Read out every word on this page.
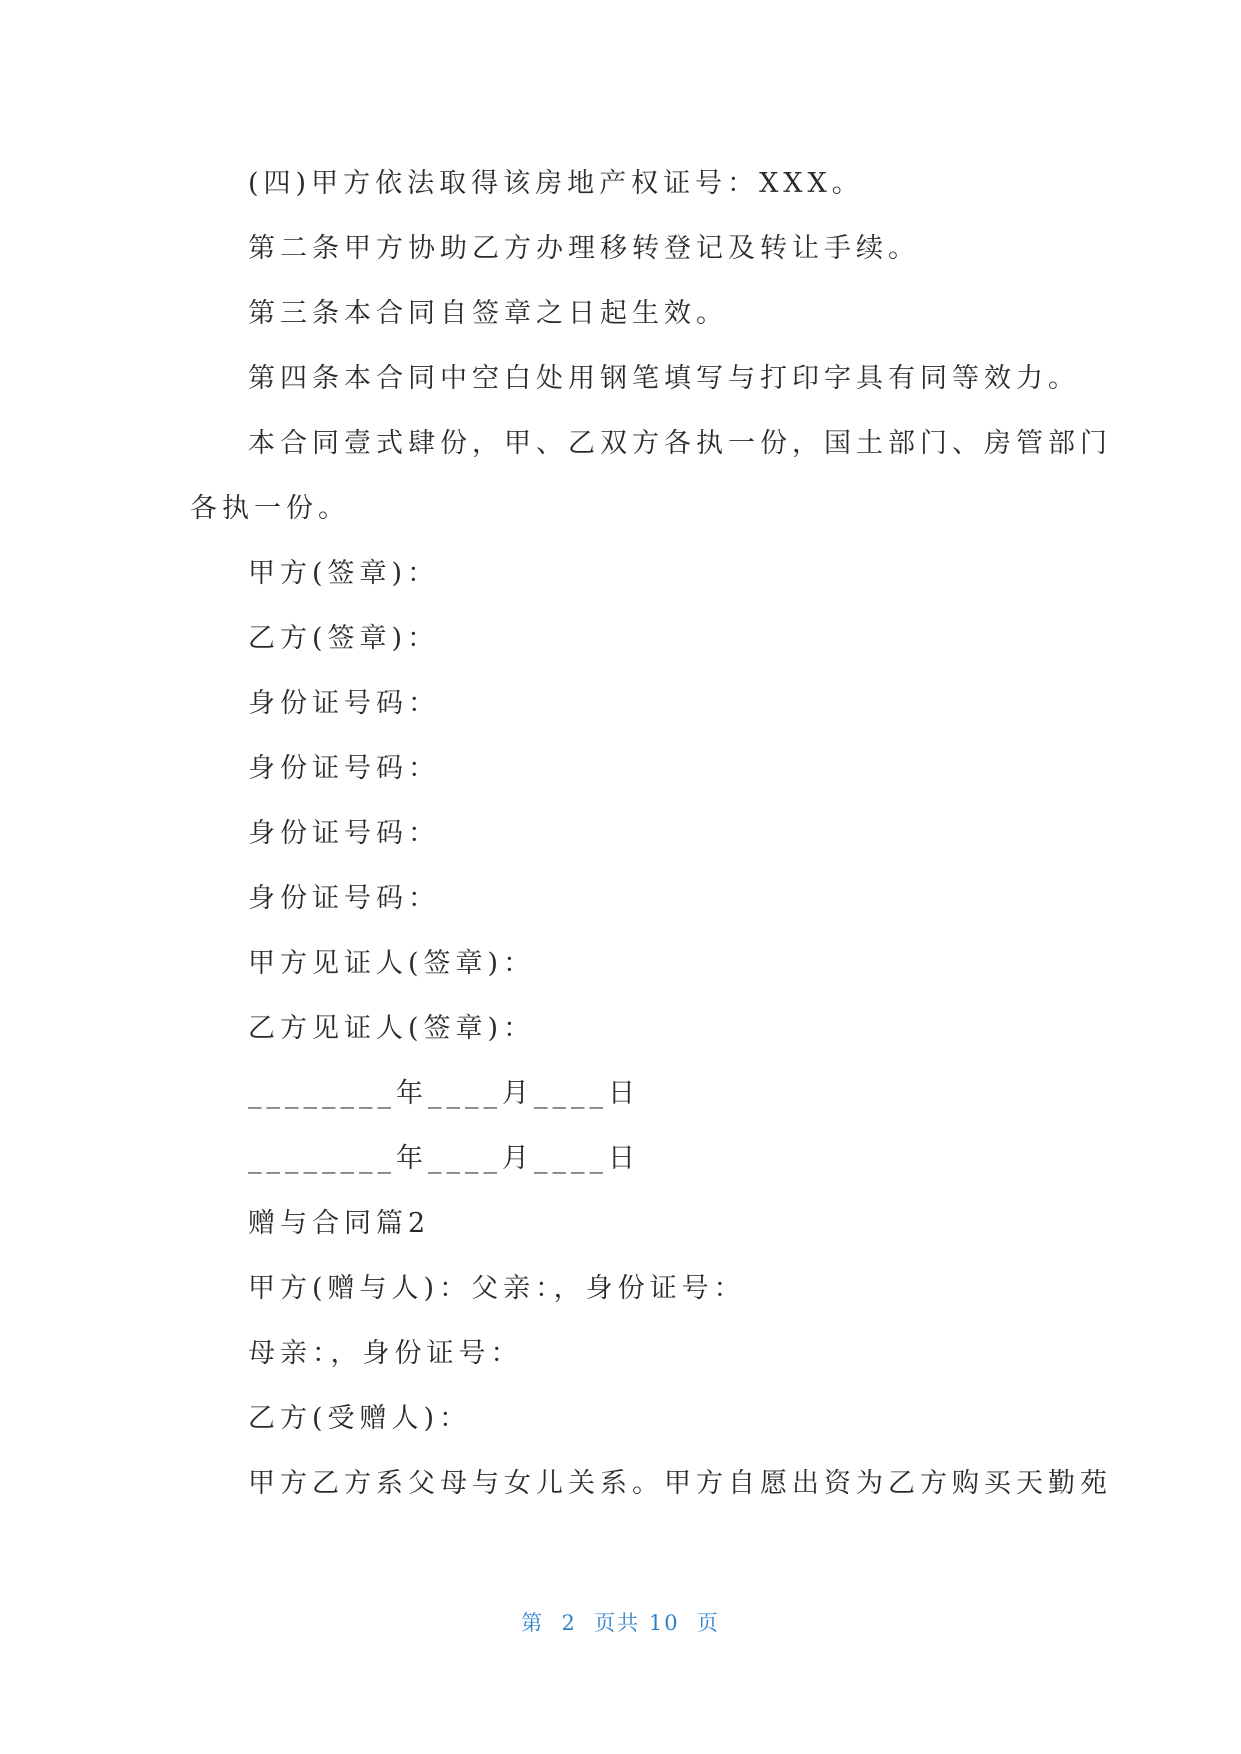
(四)甲方依法取得该房地产权证号：XXX。
第二条甲方协助乙方办理移转登记及转让手续。
第三条本合同自签章之日起生效。
第四条本合同中空白处用钢笔填写与打印字具有同等效力。
本合同壹式肆份，甲、乙双方各执一份，国土部门、房管部门
各执一份。
甲方(签章)：
乙方(签章)：
身份证号码：
身份证号码：
身份证号码：
身份证号码：
甲方见证人(签章)：
乙方见证人(签章)：
________年____月____日
________年____月____日
赠与合同篇2
甲方(赠与人)：父亲：，身份证号：
母亲：，身份证号：
乙方(受赠人)：
甲方乙方系父母与女儿关系。甲方自愿出资为乙方购买天勤苑
第  2  页共 10  页
